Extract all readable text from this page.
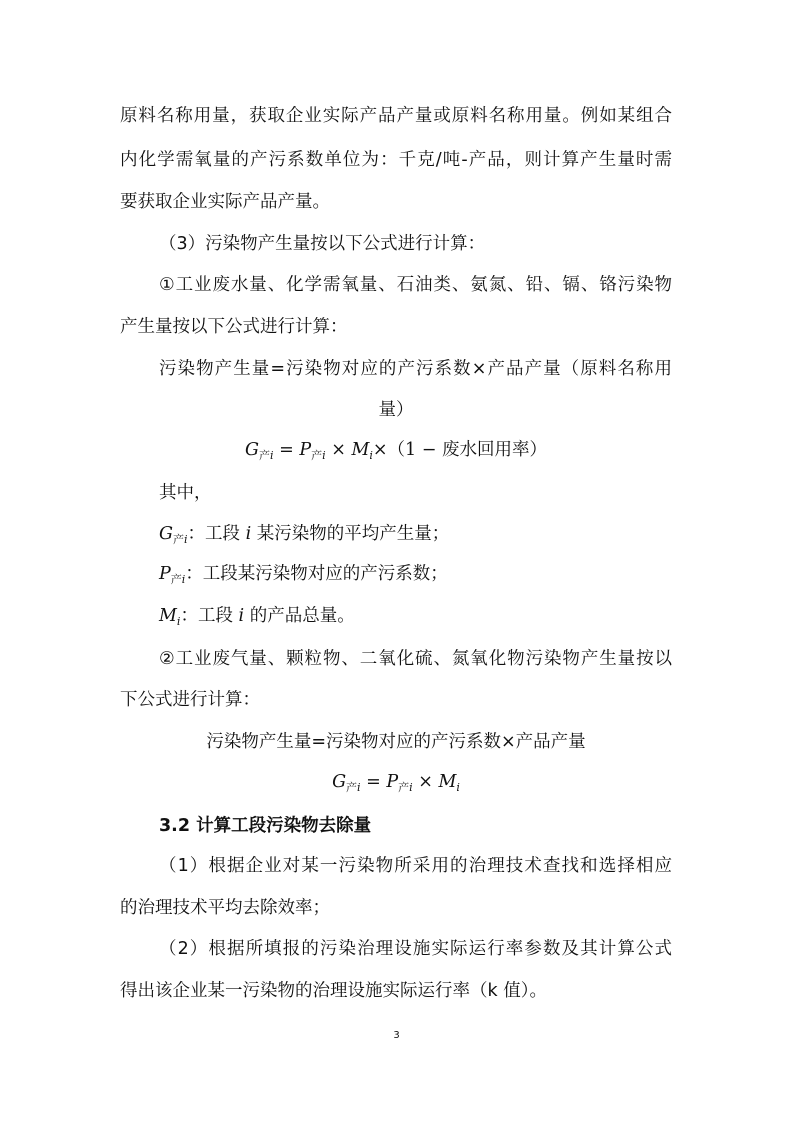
原料名称用量，获取企业实际产品产量或原料名称用量。例如某组合
内化学需氧量的产污系数单位为：千克/吨-产品，则计算产生量时需
要获取企业实际产品产量。
（3）污染物产生量按以下公式进行计算：
①工业废水量、化学需氧量、石油类、氨氮、铅、镉、铬污染物
产生量按以下公式进行计算：
污染物产生量=污染物对应的产污系数×产品产量（原料名称用
量）
$G_{产i} = P_{产i} \times M_i\times(1$ − 废水回用率）
其中，
$G_{产i}$：工段 i 某污染物的平均产生量；
$P_{产i}$：工段某污染物对应的产污系数；
$M_i$：工段 i 的产品总量。
②工业废气量、颗粒物、二氧化硫、氮氧化物污染物产生量按以
下公式进行计算：
污染物产生量=污染物对应的产污系数×产品产量
$G_{产i} = P_{产i} \times M_i$
3.2 计算工段污染物去除量
（1）根据企业对某一污染物所采用的治理技术查找和选择相应
的治理技术平均去除效率；
（2）根据所填报的污染治理设施实际运行率参数及其计算公式
得出该企业某一污染物的治理设施实际运行率（k 值）。
3
